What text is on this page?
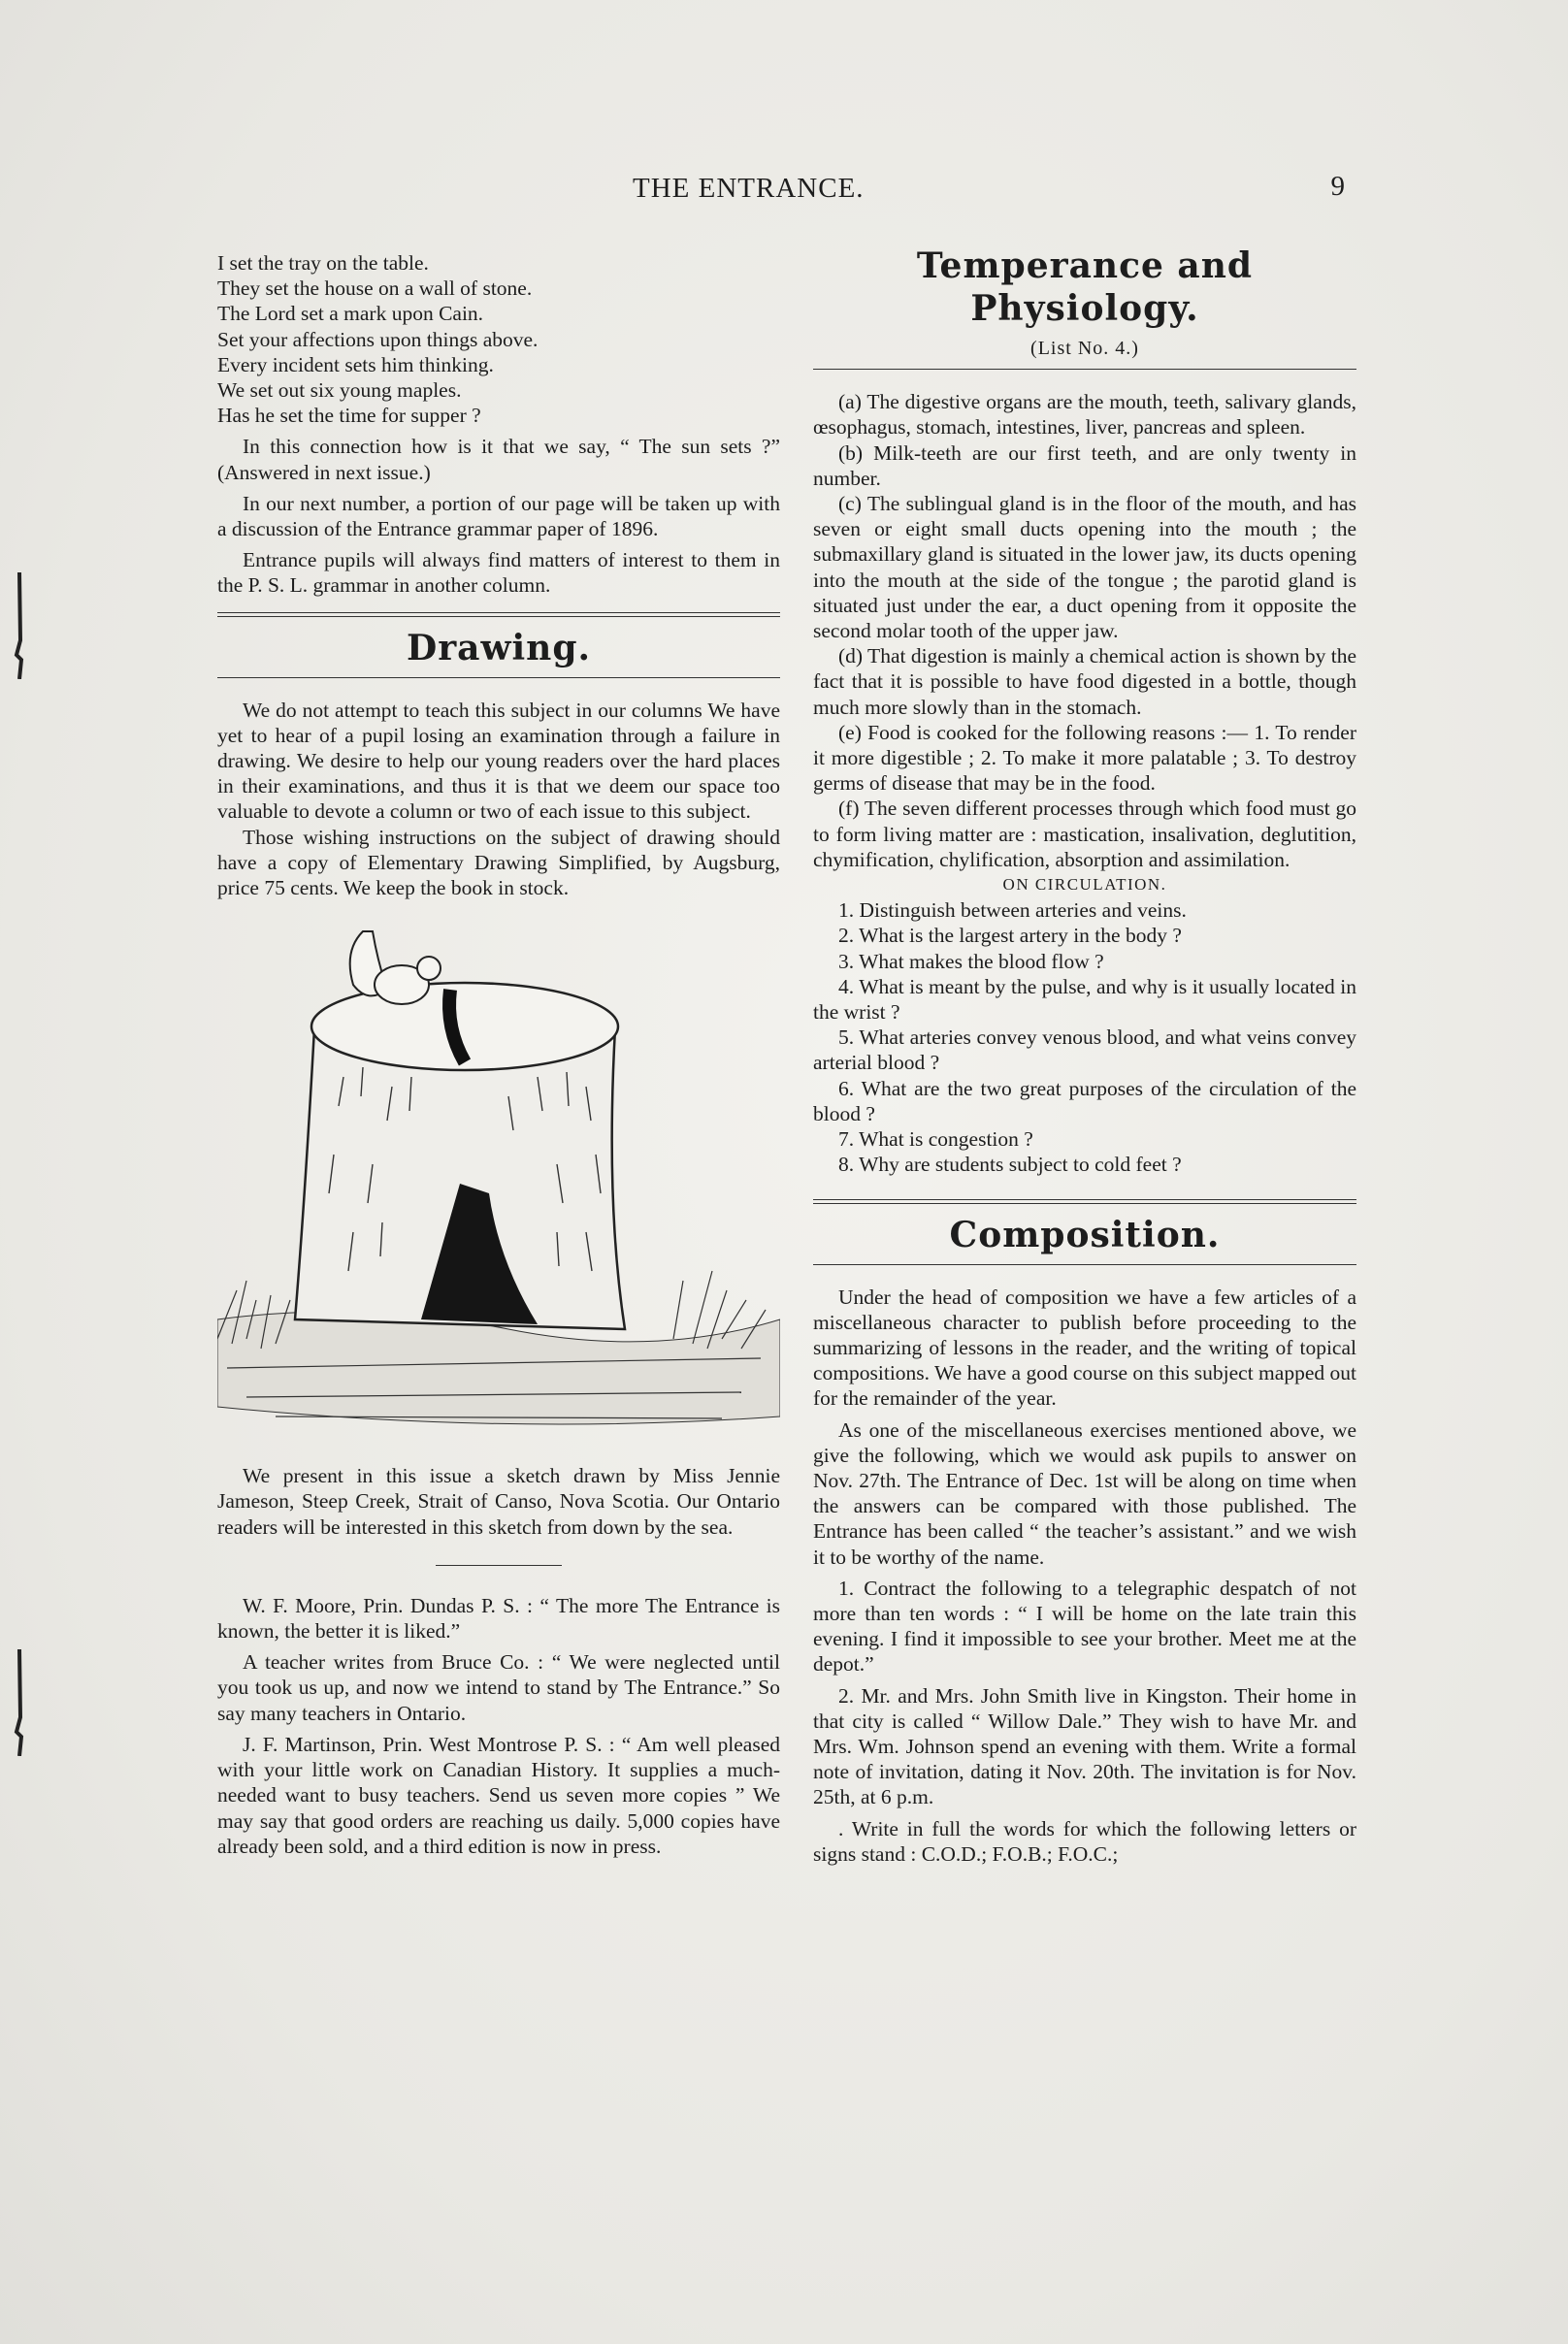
THE ENTRANCE.	9

I set the tray on the table.

They set the house on a wall of stone.

The Lord set a mark upon Cain.

Set your affections upon things above.

Every incident sets him thinking.

We set out six young maples.

Has he set the time for supper ?

In this connection how is it that we say, “ The sun sets ?” (Answered in next issue.)

In our next number, a portion of our page will be taken up with a discussion of the Entrance grammar paper of 1896.

Entrance pupils will always find matters of interest to them in the P. S. L. grammar in another column.

Drawing.

We do not attempt to teach this subject in our columns We have yet to hear of a pupil losing an examination through a failure in drawing. We desire to help our young readers over the hard places in their examinations, and thus it is that we deem our space too valuable to devote a column or two of each issue to this subject.

Those wishing instructions on the subject of drawing should have a copy of Elementary Drawing Simplified, by Augsburg, price 75 cents. We keep the book in stock.

We present in this issue a sketch drawn by Miss Jennie Jameson, Steep Creek, Strait of Canso, Nova Scotia. Our Ontario readers will be interested in this sketch from down by the sea.

W. F. Moore, Prin. Dundas P. S. : “ The more The Entrance is known, the better it is liked.”

A teacher writes from Bruce Co. : “ We were neglected until you took us up, and now we intend to stand by The Entrance.” So say many teachers in Ontario.

J. F. Martinson, Prin. West Montrose P. S. : “ Am well pleased with your little work on Canadian History. It supplies a much-needed want to busy teachers. Send us seven more copies ” We may say that good orders are reaching us daily. 5,000 copies have already been sold, and a third edition is now in press.

Temperance and Physiology.

(List No. 4.)

(a) The digestive organs are the mouth, teeth, salivary glands, œsophagus, stomach, intestines, liver, pancreas and spleen.

(b) Milk-teeth are our first teeth, and are only twenty in number.

(c) The sublingual gland is in the floor of the mouth, and has seven or eight small ducts opening into the mouth ; the submaxillary gland is situated in the lower jaw, its ducts opening into the mouth at the side of the tongue ; the parotid gland is situated just under the ear, a duct opening from it opposite the second molar tooth of the upper jaw.

(d) That digestion is mainly a chemical action is shown by the fact that it is possible to have food digested in a bottle, though much more slowly than in the stomach.

(e) Food is cooked for the following reasons :— 1. To render it more digestible ; 2. To make it more palatable ; 3. To destroy germs of disease that may be in the food.

(f) The seven different processes through which food must go to form living matter are : mastication, insalivation, deglutition, chymification, chylification, absorption and assimilation.

ON CIRCULATION.

1. Distinguish between arteries and veins.

2. What is the largest artery in the body ?

3. What makes the blood flow ?

4. What is meant by the pulse, and why is it usually located in the wrist ?

5. What arteries convey venous blood, and what veins convey arterial blood ?

6. What are the two great purposes of the circulation of the blood ?

7. What is congestion ?

8. Why are students subject to cold feet ?

Composition.

Under the head of composition we have a few articles of a miscellaneous character to publish before proceeding to the summarizing of lessons in the reader, and the writing of topical compositions. We have a good course on this subject mapped out for the remainder of the year.

As one of the miscellaneous exercises mentioned above, we give the following, which we would ask pupils to answer on Nov. 27th. The Entrance of Dec. 1st will be along on time when the answers can be compared with those published. The Entrance has been called “ the teacher’s assistant.” and we wish it to be worthy of the name.

1. Contract the following to a telegraphic despatch of not more than ten words : “ I will be home on the late train this evening. I find it impossible to see your brother. Meet me at the depot.”

2. Mr. and Mrs. John Smith live in Kingston. Their home in that city is called “ Willow Dale.” They wish to have Mr. and Mrs. Wm. Johnson spend an evening with them. Write a formal note of invitation, dating it Nov. 20th. The invitation is for Nov. 25th, at 6 p.m.

. Write in full the words for which the following letters or signs stand : C.O.D.; F.O.B.; F.O.C.;
